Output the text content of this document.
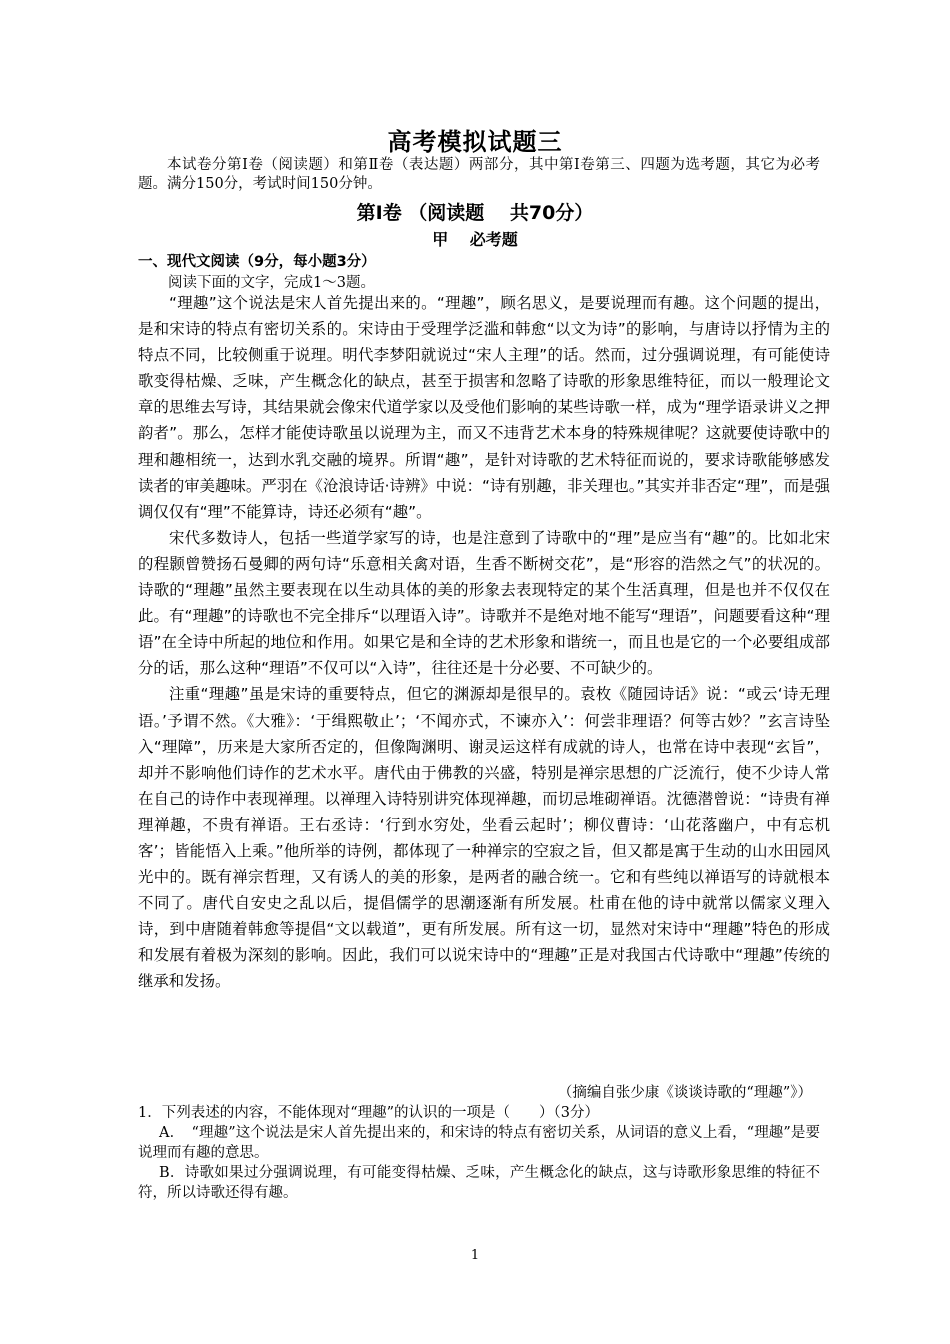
高考模拟试题三
本试卷分第Ⅰ卷（阅读题）和第Ⅱ卷（表达题）两部分，其中第Ⅰ卷第三、四题为选考题，其它为必考题。满分150分，考试时间150分钟。
第Ⅰ卷 （阅读题　 共70分）
甲　 必考题
一、现代文阅读（9分，每小题3分）
阅读下面的文字，完成1～3题。

“理趣”这个说法是宋人首先提出来的。“理趣”，顾名思义，是要说理而有趣。这个问题的提出，是和宋诗的特点有密切关系的。宋诗由于受理学泛滥和韩愈“以文为诗”的影响，与唐诗以抒情为主的特点不同，比较侧重于说理。明代李梦阳就说过“宋人主理”的话。然而，过分强调说理，有可能使诗歌变得枯燥、乏味，产生概念化的缺点，甚至于损害和忽略了诗歌的形象思维特征，而以一般理论文章的思维去写诗，其结果就会像宋代道学家以及受他们影响的某些诗歌一样，成为“理学语录讲义之押韵者”。那么，怎样才能使诗歌虽以说理为主，而又不违背艺术本身的特殊规律呢？这就要使诗歌中的理和趣相统一，达到水乳交融的境界。所谓“趣”，是针对诗歌的艺术特征而说的，要求诗歌能够感发读者的审美趣味。严羽在《沧浪诗话·诗辨》中说：“诗有别趣，非关理也。”其实并非否定“理”，而是强调仅仅有“理”不能算诗，诗还必须有“趣”。

宋代多数诗人，包括一些道学家写的诗，也是注意到了诗歌中的“理”是应当有“趣”的。比如北宋的程颢曾赞扬石曼卿的两句诗“乐意相关禽对语，生香不断树交花”，是“形容的浩然之气”的状况的。诗歌的“理趣”虽然主要表现在以生动具体的美的形象去表现特定的某个生活真理，但是也并不仅仅在此。有“理趣”的诗歌也不完全排斥“以理语入诗”。诗歌并不是绝对地不能写“理语”，问题要看这种“理语”在全诗中所起的地位和作用。如果它是和全诗的艺术形象和谐统一，而且也是它的一个必要组成部分的话，那么这种“理语”不仅可以“入诗”，往往还是十分必要、不可缺少的。

注重“理趣”虽是宋诗的重要特点，但它的渊源却是很早的。袁枚《随园诗话》说：“或云‘诗无理语。’予谓不然。《大雅》：‘于缉熙敬止’；‘不闻亦式，不谏亦入’：何尝非理语？何等古妙？”玄言诗坠入“理障”，历来是大家所否定的，但像陶渊明、谢灵运这样有成就的诗人，也常在诗中表现“玄旨”，却并不影响他们诗作的艺术水平。唐代由于佛教的兴盛，特别是禅宗思想的广泛流行，使不少诗人常在自己的诗作中表现禅理。以禅理入诗特别讲究体现禅趣，而切忌堆砌禅语。沈德潜曾说：“诗贵有禅理禅趣，不贵有禅语。王右丞诗：‘行到水穷处，坐看云起时’；柳仪曹诗：‘山花落幽户，中有忘机客’；皆能悟入上乘。”他所举的诗例，都体现了一种禅宗的空寂之旨，但又都是寓于生动的山水田园风光中的。既有禅宗哲理，又有诱人的美的形象，是两者的融合统一。它和有些纯以禅语写的诗就根本不同了。唐代自安史之乱以后，提倡儒学的思潮逐渐有所发展。杜甫在他的诗中就常以儒家义理入诗，到中唐随着韩愈等提倡“文以载道”，更有所发展。所有这一切，显然对宋诗中“理趣”特色的形成和发展有着极为深刻的影响。因此，我们可以说宋诗中的“理趣”正是对我国古代诗歌中“理趣”传统的继承和发扬。

（摘编自张少康《谈谈诗歌的“理趣”》）

1．下列表述的内容，不能体现对“理趣”的认识的一项是（　　）（3分）

A．　“理趣”这个说法是宋人首先提出来的，和宋诗的特点有密切关系，从词语的意义上看，“理趣”是要说理而有趣的意思。

B．诗歌如果过分强调说理，有可能变得枯燥、乏味，产生概念化的缺点，这与诗歌形象思维的特征不符，所以诗歌还得有趣。

1
